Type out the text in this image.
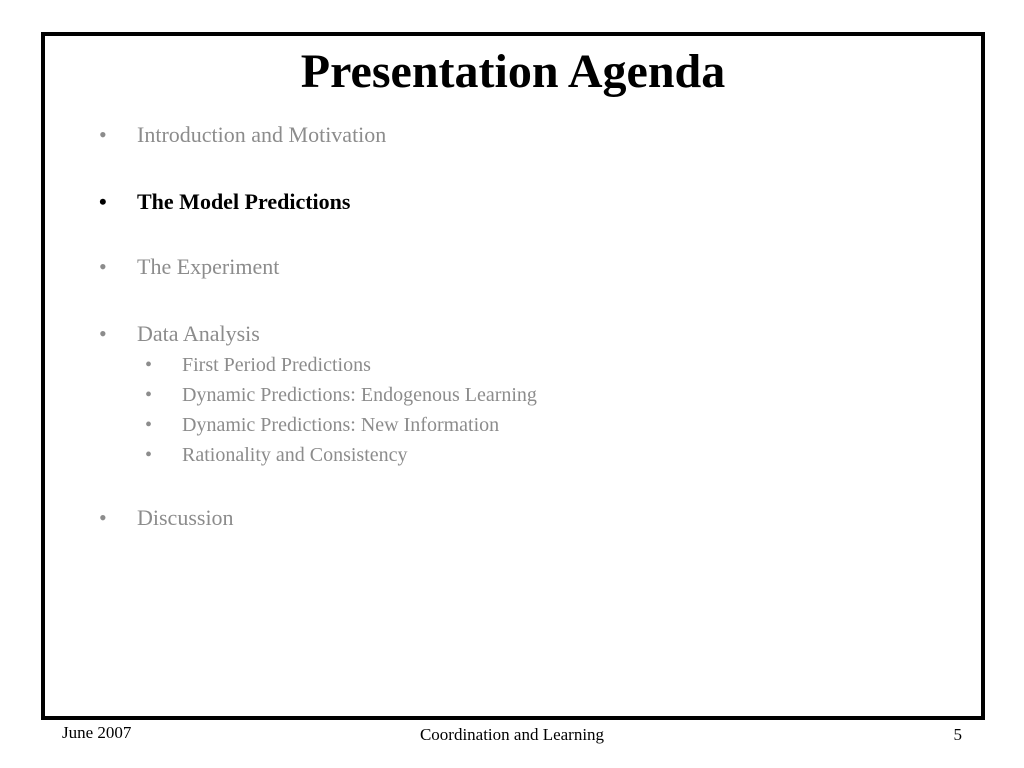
Presentation Agenda
• Introduction and Motivation
• The Model Predictions
• The Experiment
• Data Analysis
• First Period Predictions
• Dynamic Predictions: Endogenous Learning
• Dynamic Predictions: New Information
• Rationality and Consistency
• Discussion
June 2007	Coordination and Learning	5
